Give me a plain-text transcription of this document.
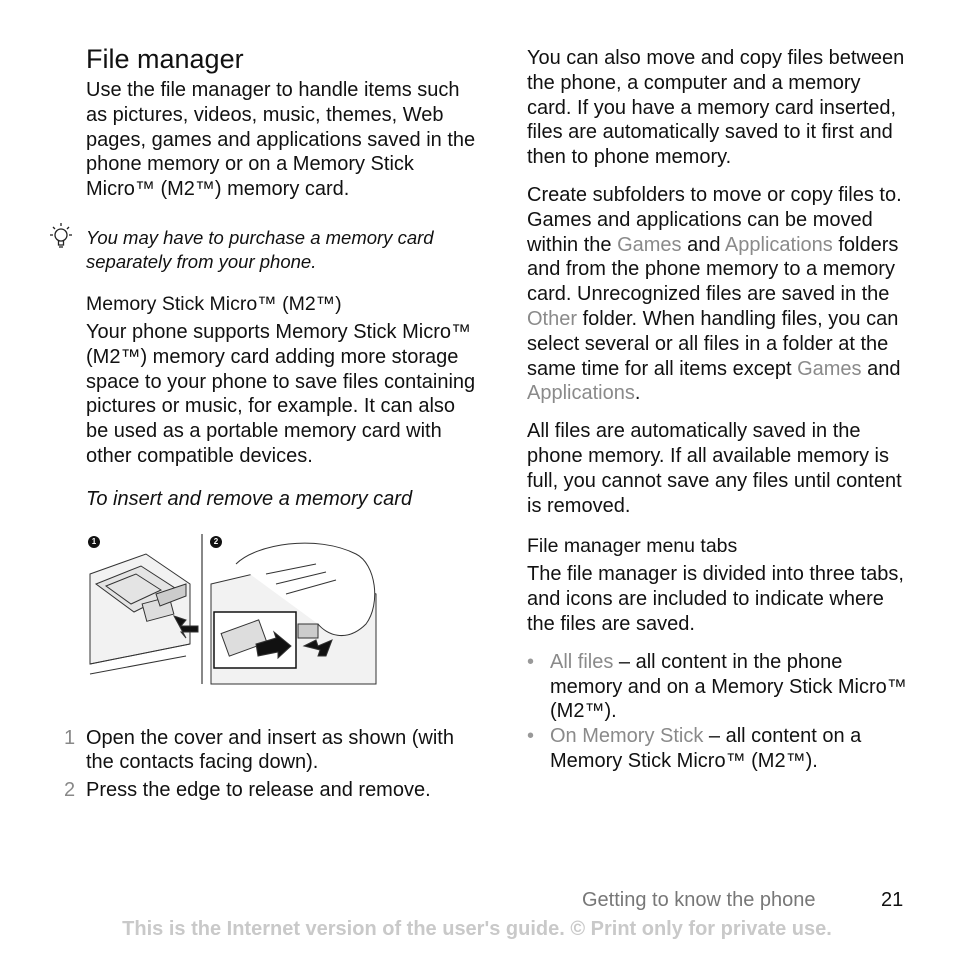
File manager

Use the file manager to handle items such as pictures, videos, music, themes, Web pages, games and applications saved in the phone memory or on a Memory Stick Micro™ (M2™) memory card.

You may have to purchase a memory card separately from your phone.

Memory Stick Micro™ (M2™)

Your phone supports Memory Stick Micro™ (M2™) memory card adding more storage space to your phone to save files containing pictures or music, for example. It can also be used as a portable memory card with other compatible devices.

To insert and remove a memory card

1	2
1 Open the cover and insert as shown (with the contacts facing down).
2 Press the edge to release and remove.

You can also move and copy files between the phone, a computer and a memory card. If you have a memory card inserted, files are automatically saved to it first and then to phone memory.

Create subfolders to move or copy files to. Games and applications can be moved within the Games and Applications folders and from the phone memory to a memory card. Unrecognized files are saved in the Other folder. When handling files, you can select several or all files in a folder at the same time for all items except Games and Applications.

All files are automatically saved in the phone memory. If all available memory is full, you cannot save any files until content is removed.

File manager menu tabs

The file manager is divided into three tabs, and icons are included to indicate where the files are saved.

• All files – all content in the phone memory and on a Memory Stick Micro™ (M2™).
• On Memory Stick – all content on a Memory Stick Micro™ (M2™).
Getting to know the phone	21
This is the Internet version of the user's guide. © Print only for private use.
